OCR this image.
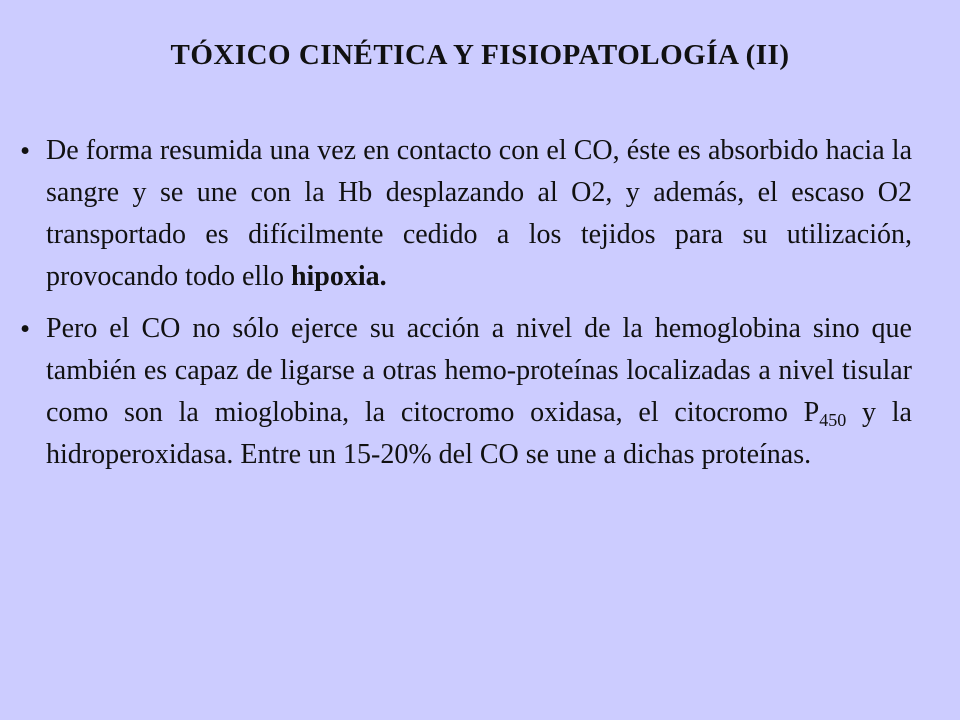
TÓXICO CINÉTICA Y FISIOPATOLOGÍA (II)
• De forma resumida una vez en contacto con el CO, éste es absorbido hacia la sangre y se une con la Hb desplazando al O2, y además, el escaso O2 transportado es difícilmente cedido a los tejidos para su utilización, provocando todo ello hipoxia.
• Pero el CO no sólo ejerce su acción a nivel de la hemoglobina sino que también es capaz de ligarse a otras hemo-proteínas localizadas a nivel tisular como son la mioglobina, la citocromo oxidasa, el citocromo $P_{450}$ y la hidroperoxidasa. Entre un 15-20% del CO se une a dichas proteínas.
